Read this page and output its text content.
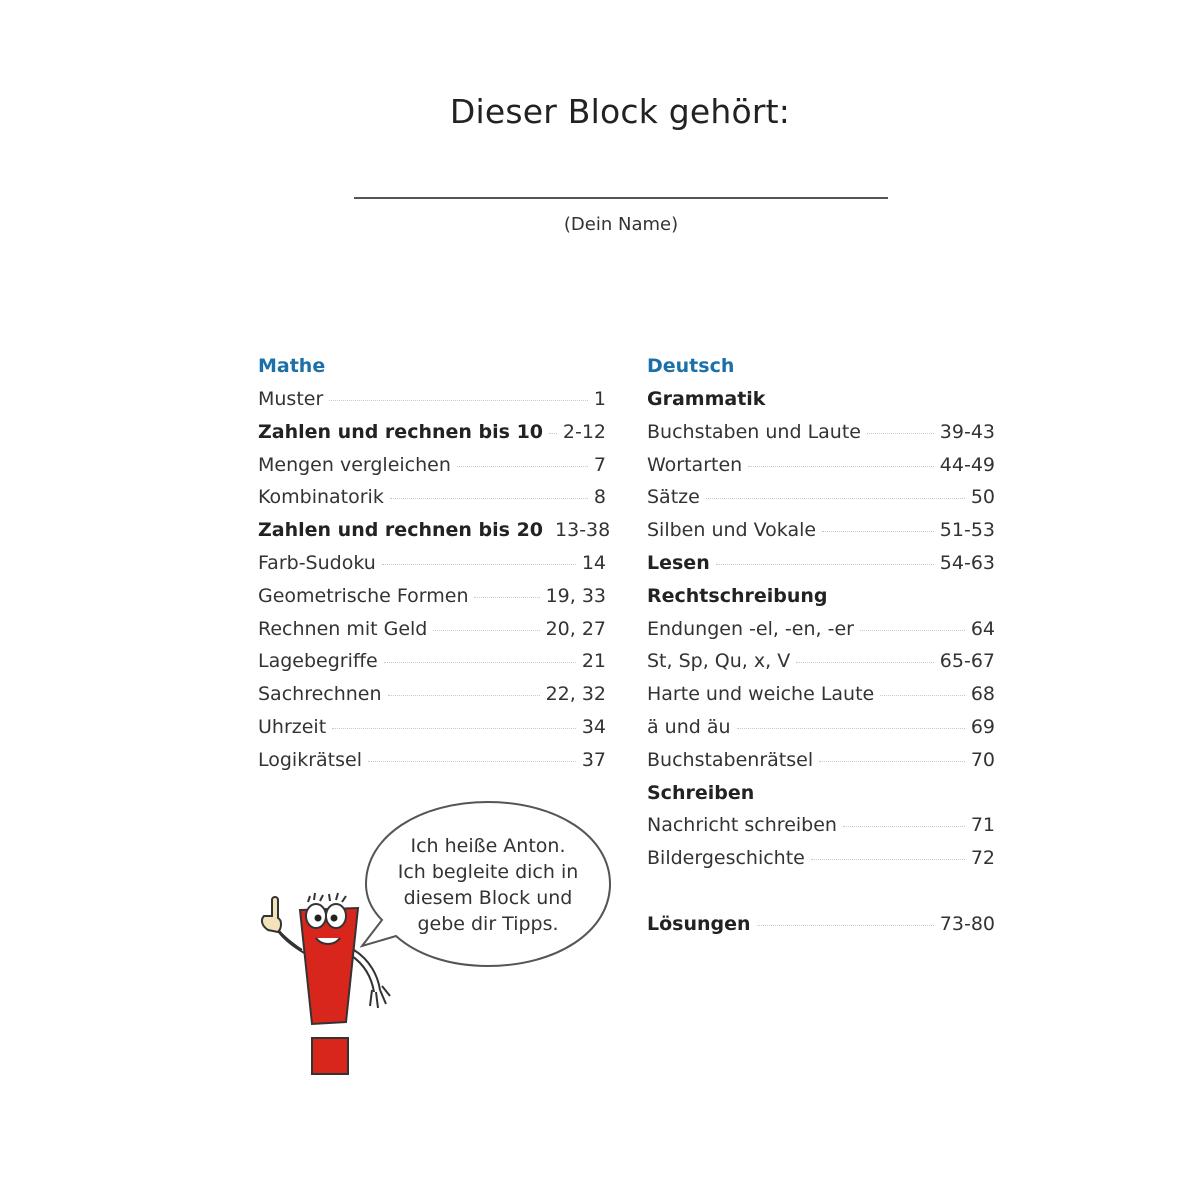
Dieser Block gehört:
(Dein Name)
Mathe
Muster	1
Zahlen und rechnen bis 10 2-12
Mengen vergleichen	7
Kombinatorik	8
Zahlen und rechnen bis 20 13-38
Farb-Sudoku	14
Geometrische Formen	19, 33
Rechnen mit Geld	20, 27
Lagebegriffe	21
Sachrechnen	22, 32
Uhrzeit	34
Logikrätsel	37
Deutsch
Grammatik
Buchstaben und Laute	39-43
Wortarten	44-49
Sätze	50
Silben und Vokale	51-53
Lesen	54-63
Rechtschreibung
Endungen -el, -en, -er	64
St, Sp, Qu, x, V	65-67
Harte und weiche Laute	68
ä und äu	69
Buchstabenrätsel	70
Schreiben
Nachricht schreiben	71
Bildergeschichte	72
Lösungen	73-80
Ich heiße Anton.
Ich begleite dich in
diesem Block und
gebe dir Tipps.
